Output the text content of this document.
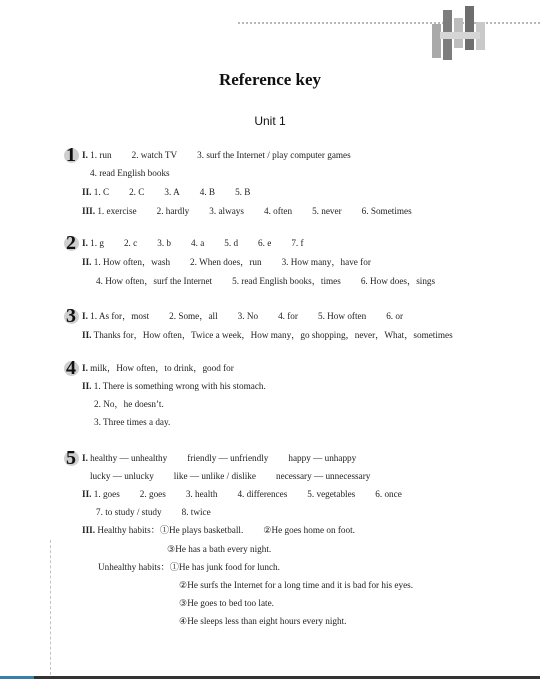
Reference key
Unit 1
1 I. 1. run 2. watch TV 3. surf the Internet / play computer games
4. read English books
II. 1. C 2. C 3. A 4. B 5. B
III. 1. exercise 2. hardly 3. always 4. often 5. never 6. Sometimes
2 I. 1. g 2. c 3. b 4. a 5. d 6. e 7. f
II. 1. How often，wash 2. When does，run 3. How many，have for
4. How often，surf the Internet 5. read English books，times 6. How does，sings
3 I. 1. As for，most 2. Some，all 3. No 4. for 5. How often 6. or
II. Thanks for，How often，Twice a week，How many，go shopping，never，What，sometimes
4 I. milk，How often，to drink，good for
II. 1. There is something wrong with his stomach.
2. No，he doesn’t.
3. Three times a day.
5 I. healthy — unhealthy friendly — unfriendly happy — unhappy
lucky — unlucky like — unlike / dislike necessary — unnecessary
II. 1. goes 2. goes 3. health 4. differences 5. vegetables 6. once
7. to study / study 8. twice
III. Healthy habits：①He plays basketball. ②He goes home on foot.
③He has a bath every night.
Unhealthy habits：①He has junk food for lunch.
②He surfs the Internet for a long time and it is bad for his eyes.
③He goes to bed too late.
④He sleeps less than eight hours every night.
